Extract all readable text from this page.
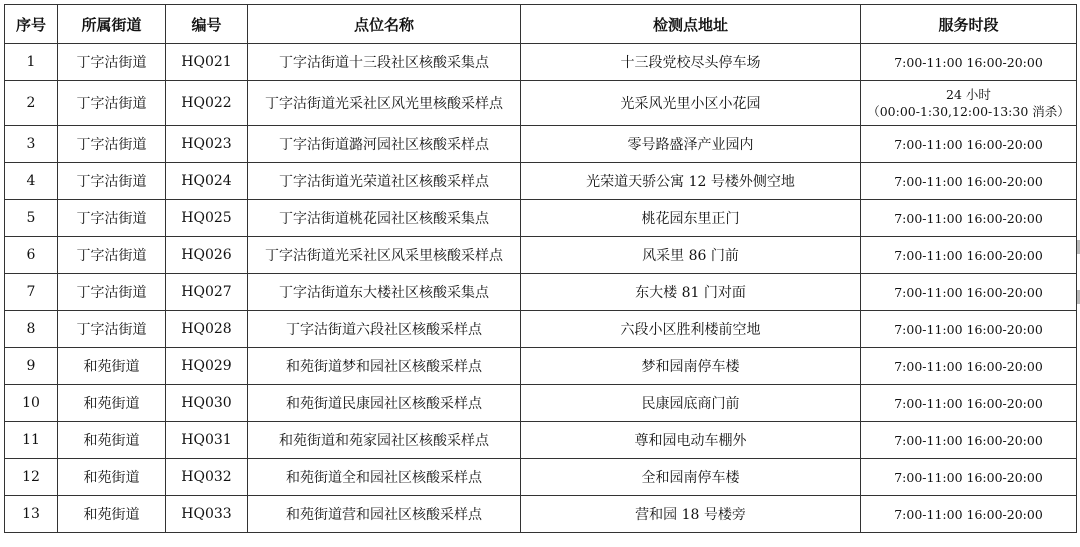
序号	所属街道	编号	点位名称	检测点地址	服务时段
1	丁字沽街道	HQ021	丁字沽街道十三段社区核酸采集点	十三段党校尽头停车场	7:00-11:00 16:00-20:00
2	丁字沽街道	HQ022	丁字沽街道光采社区风光里核酸采样点	光采风光里小区小花园	24 小时
（00:00-1:30,12:00-13:30 消杀）

3	丁字沽街道	HQ023	丁字沽街道潞河园社区核酸采样点	零号路盛泽产业园内	7:00-11:00 16:00-20:00
4	丁字沽街道	HQ024	丁字沽街道光荣道社区核酸采样点	光荣道天骄公寓 12 号楼外侧空地	7:00-11:00 16:00-20:00
5	丁字沽街道	HQ025	丁字沽街道桃花园社区核酸采集点	桃花园东里正门	7:00-11:00 16:00-20:00
6	丁字沽街道	HQ026	丁字沽街道光采社区风采里核酸采样点	风采里 86 门前	7:00-11:00 16:00-20:00
7	丁字沽街道	HQ027	丁字沽街道东大楼社区核酸采集点	东大楼 81 门对面	7:00-11:00 16:00-20:00
8	丁字沽街道	HQ028	丁字沽街道六段社区核酸采样点	六段小区胜利楼前空地	7:00-11:00 16:00-20:00
9	和苑街道	HQ029	和苑街道梦和园社区核酸采样点	梦和园南停车楼	7:00-11:00 16:00-20:00
10	和苑街道	HQ030	和苑街道民康园社区核酸采样点	民康园底商门前	7:00-11:00 16:00-20:00
11	和苑街道	HQ031	和苑街道和苑家园社区核酸采样点	尊和园电动车棚外	7:00-11:00 16:00-20:00
12	和苑街道	HQ032	和苑街道全和园社区核酸采样点	全和园南停车楼	7:00-11:00 16:00-20:00
13	和苑街道	HQ033	和苑街道营和园社区核酸采样点	营和园 18 号楼旁	7:00-11:00 16:00-20:00
